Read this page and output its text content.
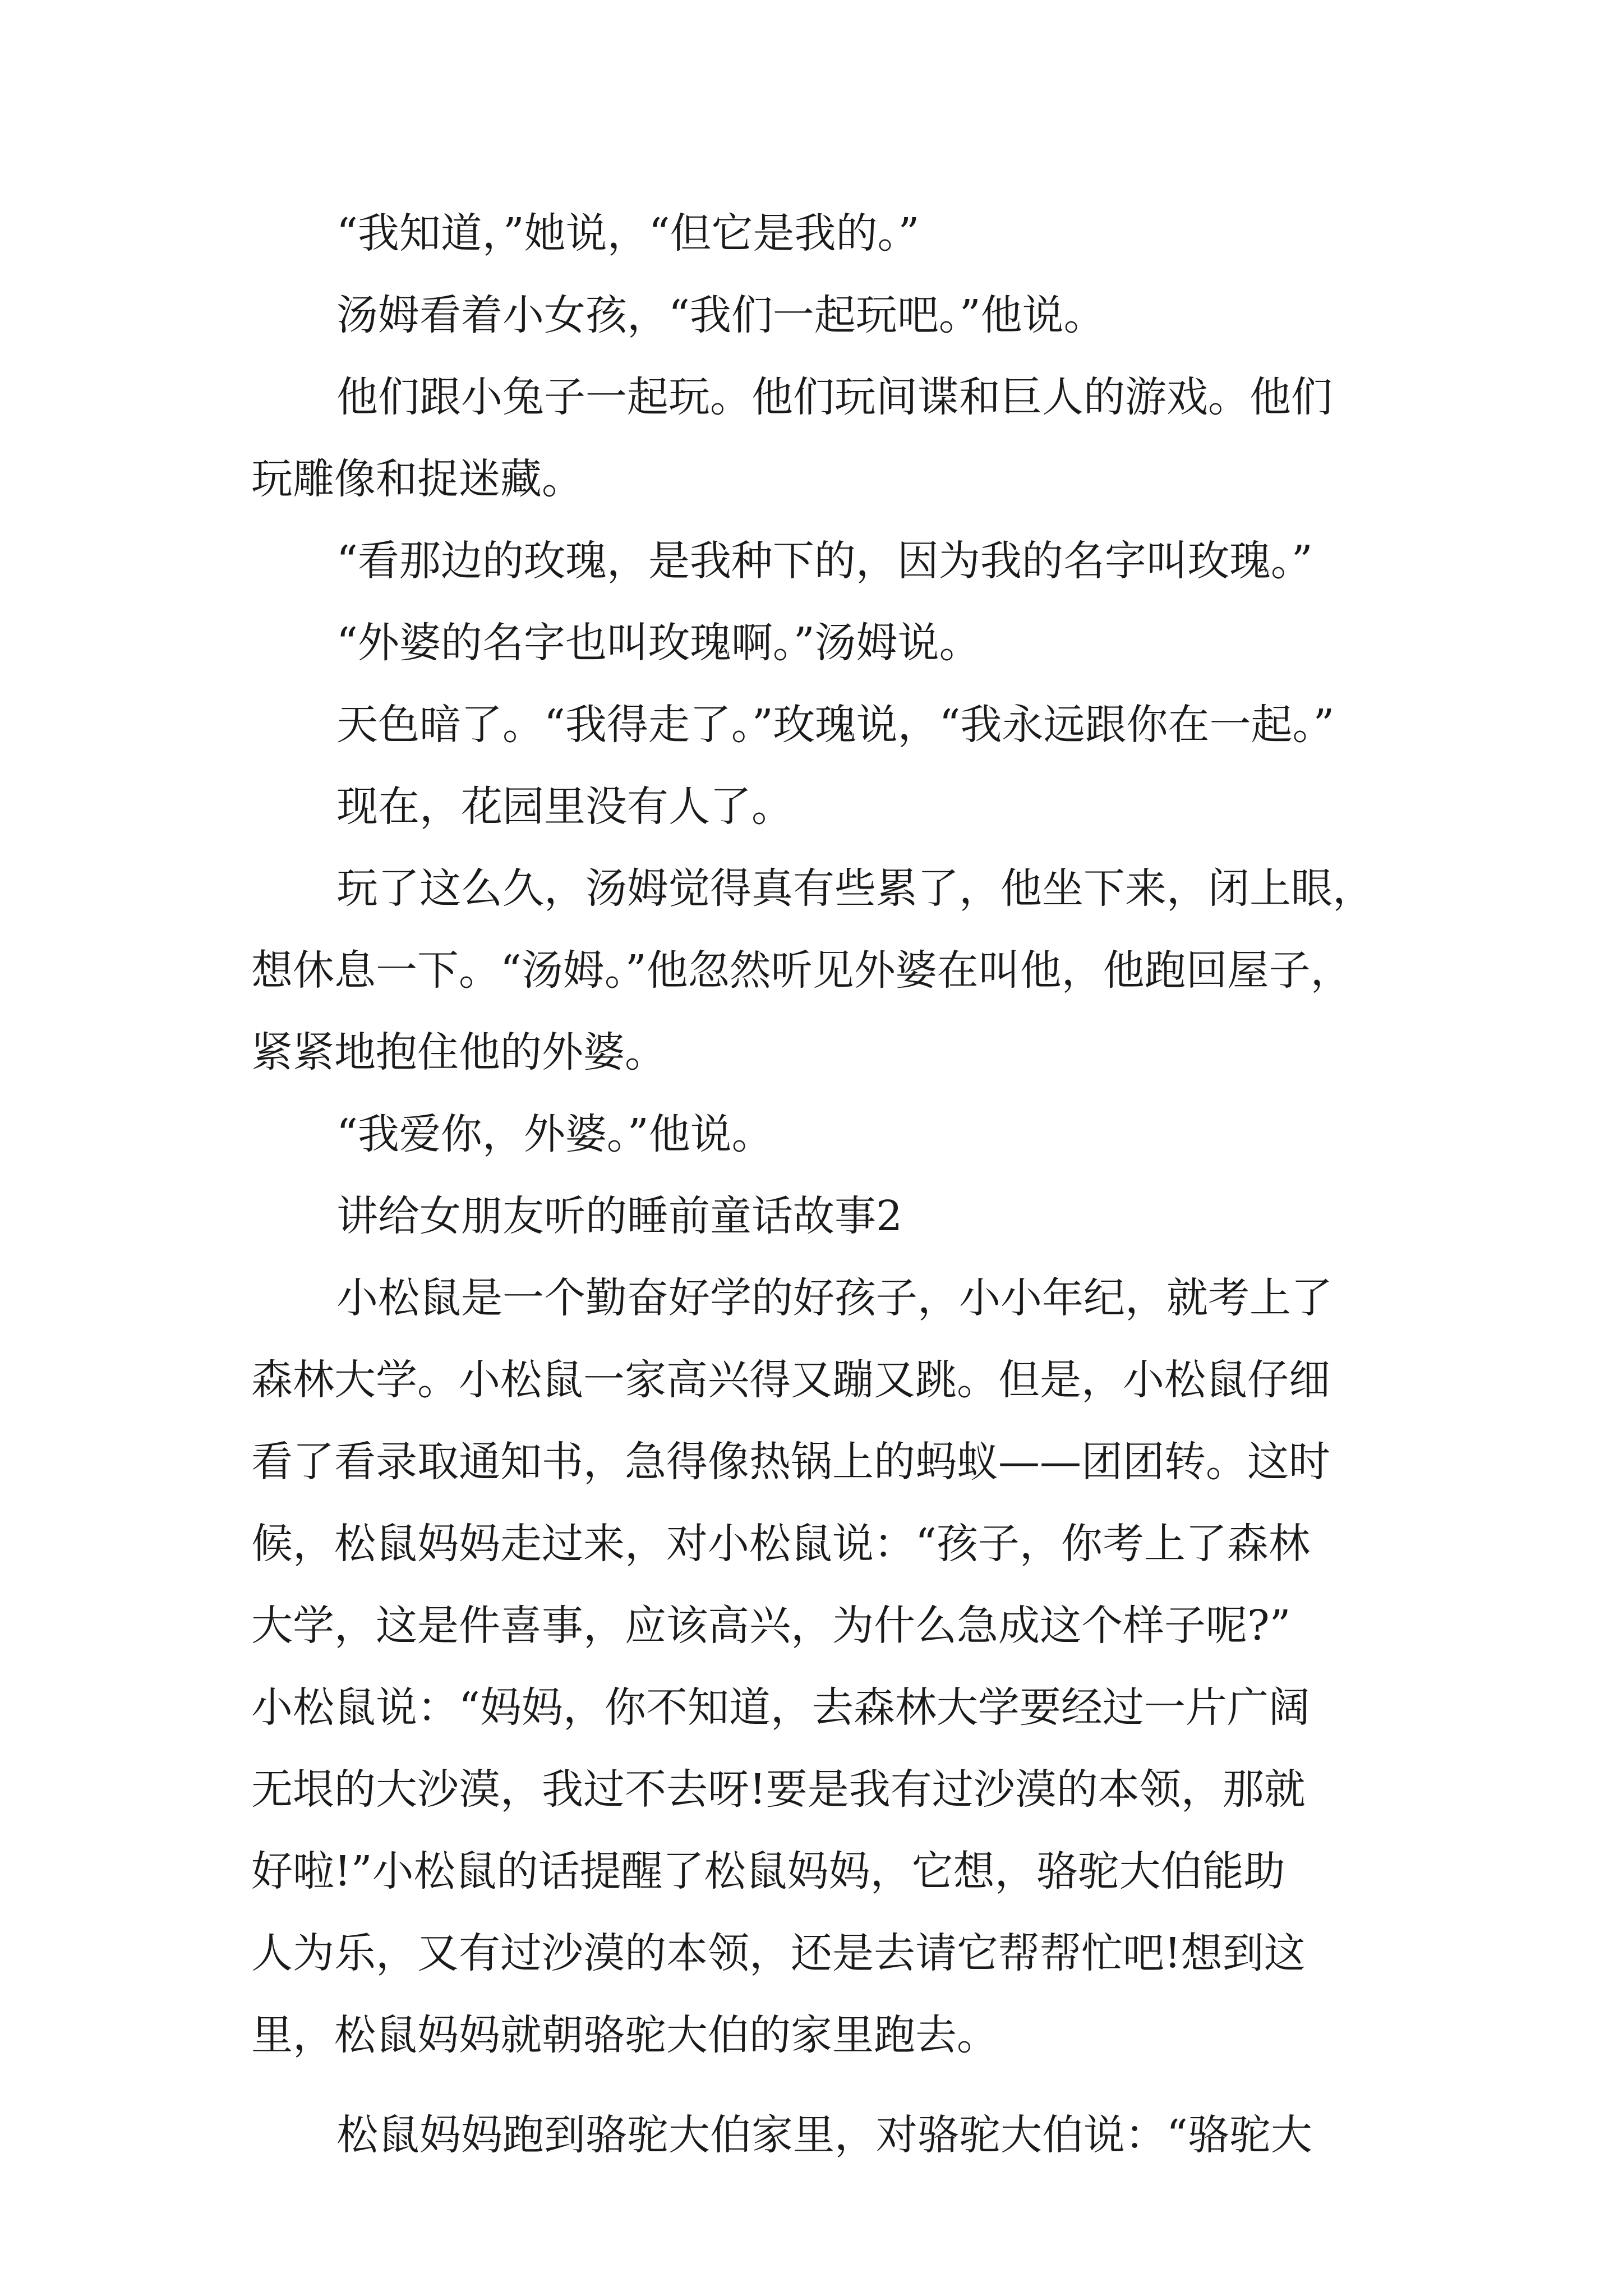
“我知道，”她说，“但它是我的。”
汤姆看着小女孩，“我们一起玩吧。”他说。
他们跟小兔子一起玩。他们玩间谍和巨人的游戏。他们
玩雕像和捉迷藏。
“看那边的玫瑰，是我种下的，因为我的名字叫玫瑰。”
“外婆的名字也叫玫瑰啊。”汤姆说。
天色暗了。“我得走了。”玫瑰说，“我永远跟你在一起。”
现在，花园里没有人了。
玩了这么久，汤姆觉得真有些累了，他坐下来，闭上眼，
想休息一下。“汤姆。”他忽然听见外婆在叫他，他跑回屋子，
紧紧地抱住他的外婆。
“我爱你，外婆。”他说。
讲给女朋友听的睡前童话故事2
小松鼠是一个勤奋好学的好孩子，小小年纪，就考上了
森林大学。小松鼠一家高兴得又蹦又跳。但是，小松鼠仔细
看了看录取通知书，急得像热锅上的蚂蚁——团团转。这时
候，松鼠妈妈走过来，对小松鼠说：“孩子，你考上了森林
大学，这是件喜事，应该高兴，为什么急成这个样子呢?”
小松鼠说：“妈妈，你不知道，去森林大学要经过一片广阔
无垠的大沙漠，我过不去呀!要是我有过沙漠的本领，那就
好啦!”小松鼠的话提醒了松鼠妈妈，它想，骆驼大伯能助
人为乐，又有过沙漠的本领，还是去请它帮帮忙吧!想到这
里，松鼠妈妈就朝骆驼大伯的家里跑去。
松鼠妈妈跑到骆驼大伯家里，对骆驼大伯说：“骆驼大
